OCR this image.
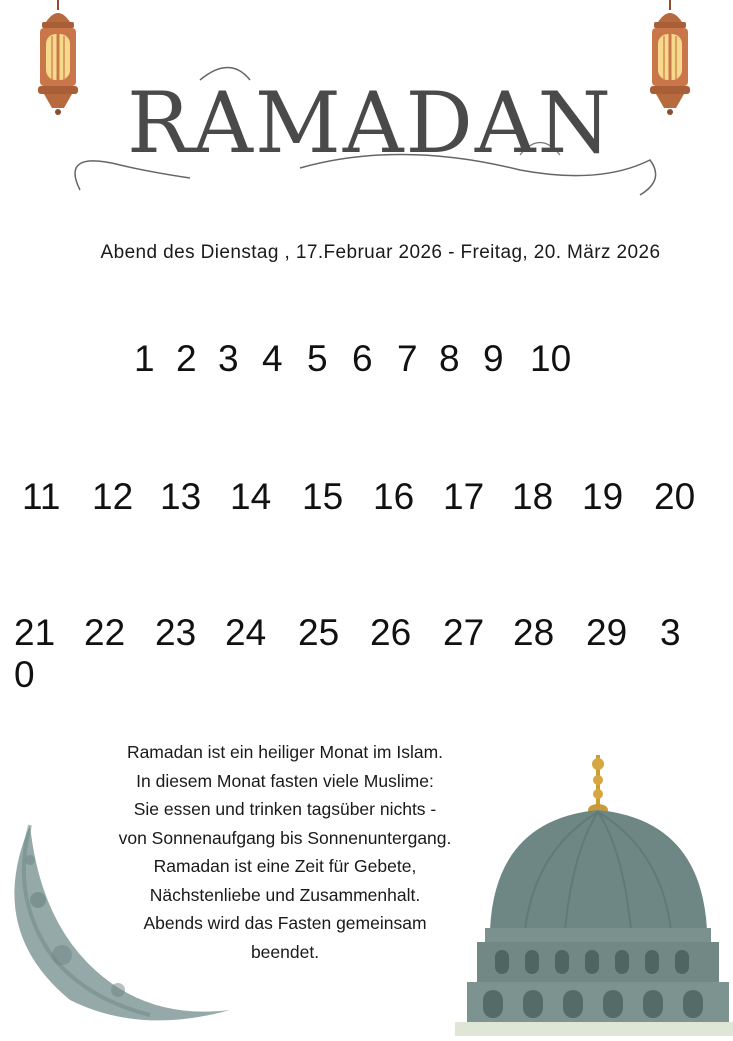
RAMADAN
Abend des Dienstag , 17.Februar 2026 - Freitag, 20. März 2026
1 2 3 4 5 6 7 8 9 10
11 12 13 14 15 16 17 18 19 20
21 22 23 24 25 26 27 28 29 3
0
Ramadan ist ein heiliger Monat im Islam.
In diesem Monat fasten viele Muslime:
Sie essen und trinken tagsüber nichts -
von Sonnenaufgang bis Sonnenuntergang.
Ramadan ist eine Zeit für Gebete,
Nächstenliebe und Zusammenhalt.
Abends wird das Fasten gemeinsam
beendet.
